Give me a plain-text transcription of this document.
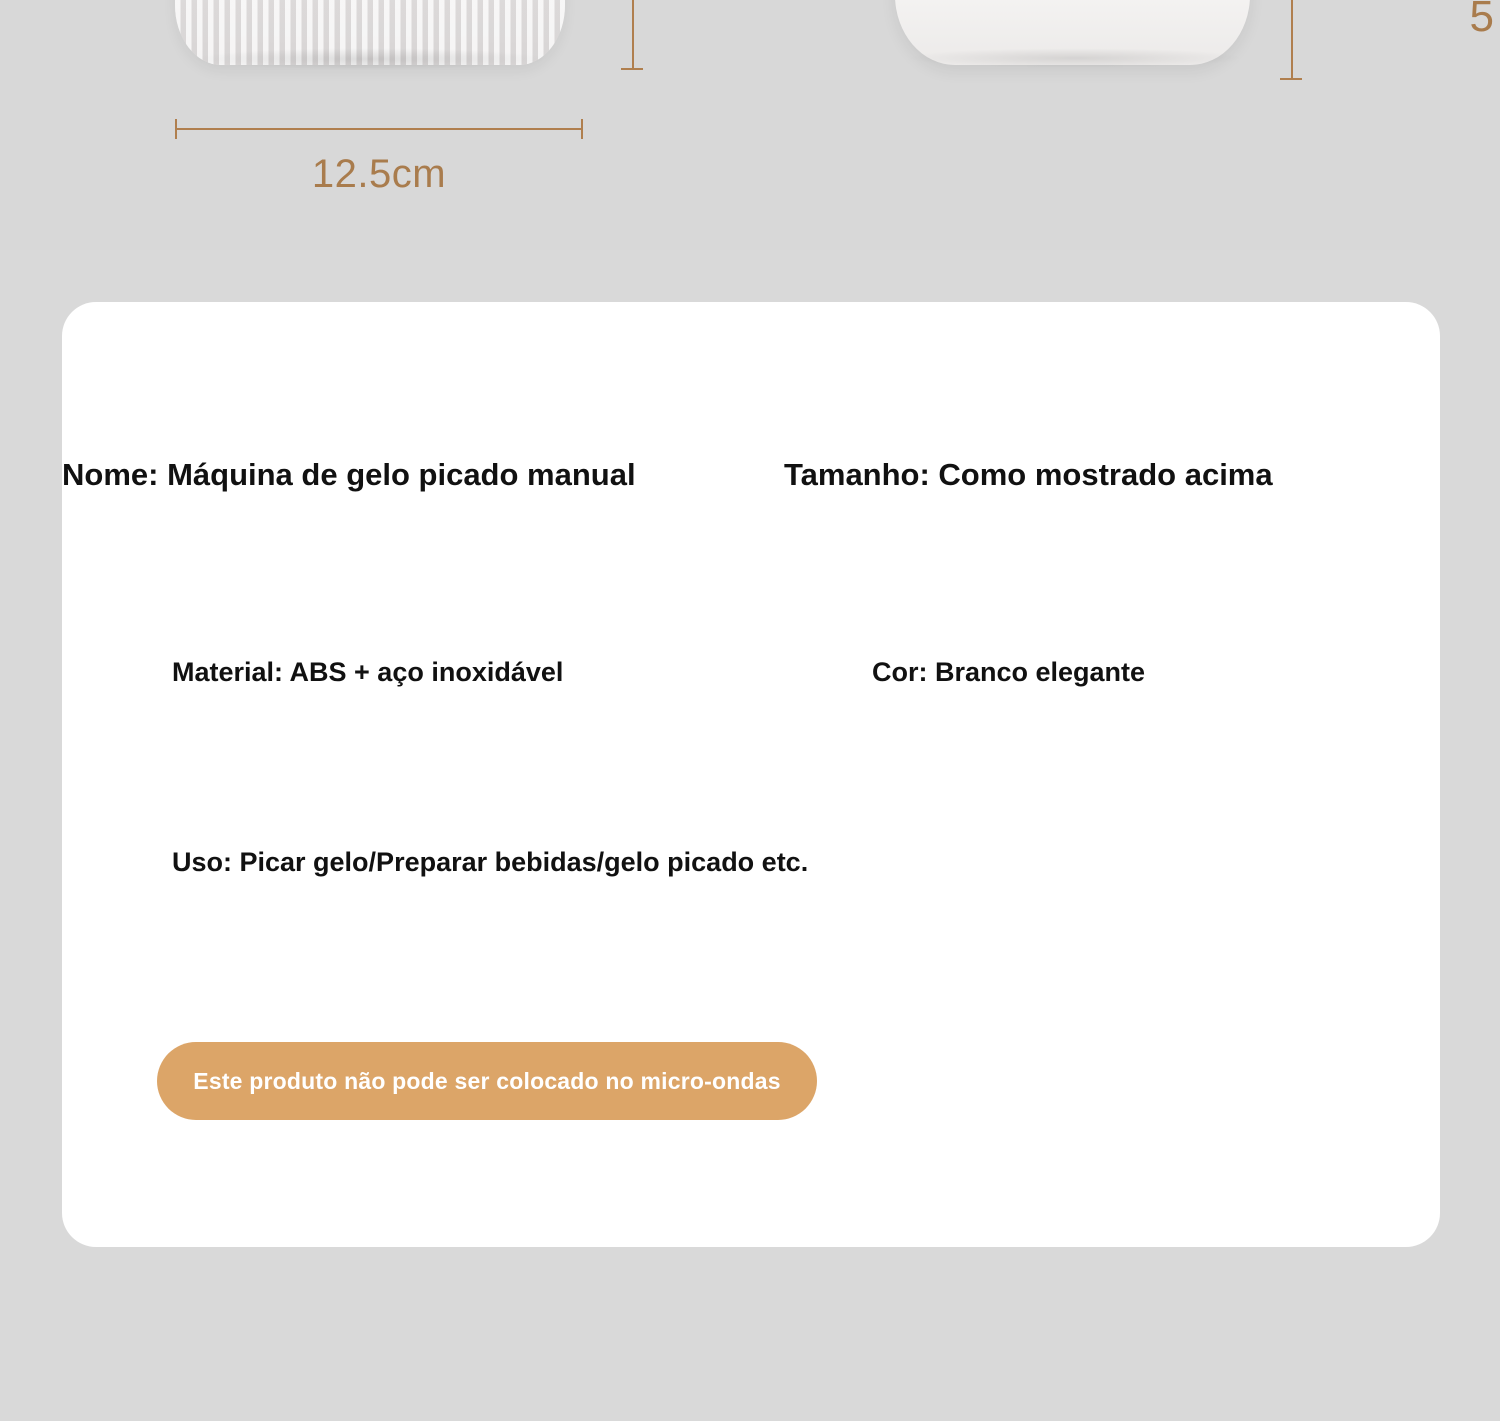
12.5cm
5
Nome: Máquina de gelo picado manual	Tamanho: Como mostrado acima
Material: ABS + aço inoxidável	Cor: Branco elegante
Uso: Picar gelo/Preparar bebidas/gelo picado etc.
Este produto não pode ser colocado no micro-ondas
